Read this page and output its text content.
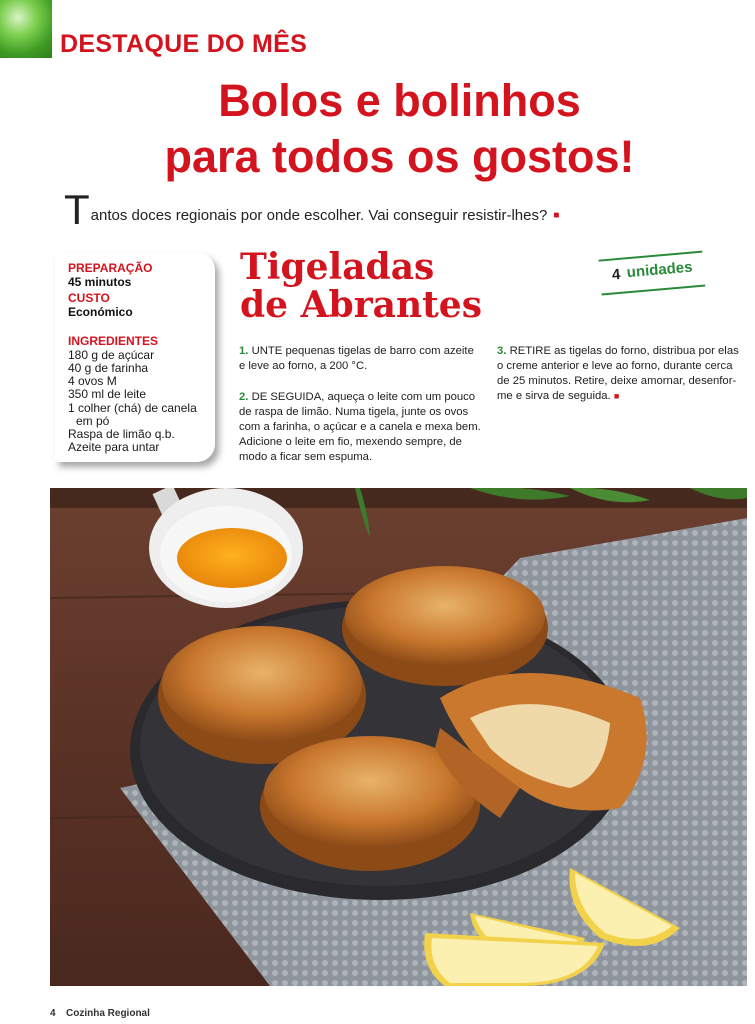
DESTAQUE DO MÊS
Bolos e bolinhos
para todos os gostos!
Tantos doces regionais por onde escolher. Vai conseguir resistir-lhes? ■
PREPARAÇÃO
45 minutos
CUSTO
Económico
INGREDIENTES
180 g de açúcar
40 g de farinha
4 ovos M
350 ml de leite
1 colher (chá) de canela
em pó
Raspa de limão q.b.
Azeite para untar
Tigeladas
de Abrantes
4 unidades
1. UNTE pequenas tigelas de barro com azeite
e leve ao forno, a 200 °C.
2. DE SEGUIDA, aqueça o leite com um pouco
de raspa de limão. Numa tigela, junte os ovos
com a farinha, o açúcar e a canela e mexa bem.
Adicione o leite em fio, mexendo sempre, de
modo a ficar sem espuma.
3. RETIRE as tigelas do forno, distribua por elas
o creme anterior e leve ao forno, durante cerca
de 25 minutos. Retire, deixe amornar, desenfor-
me e sirva de seguida. ■
4 Cozinha Regional
